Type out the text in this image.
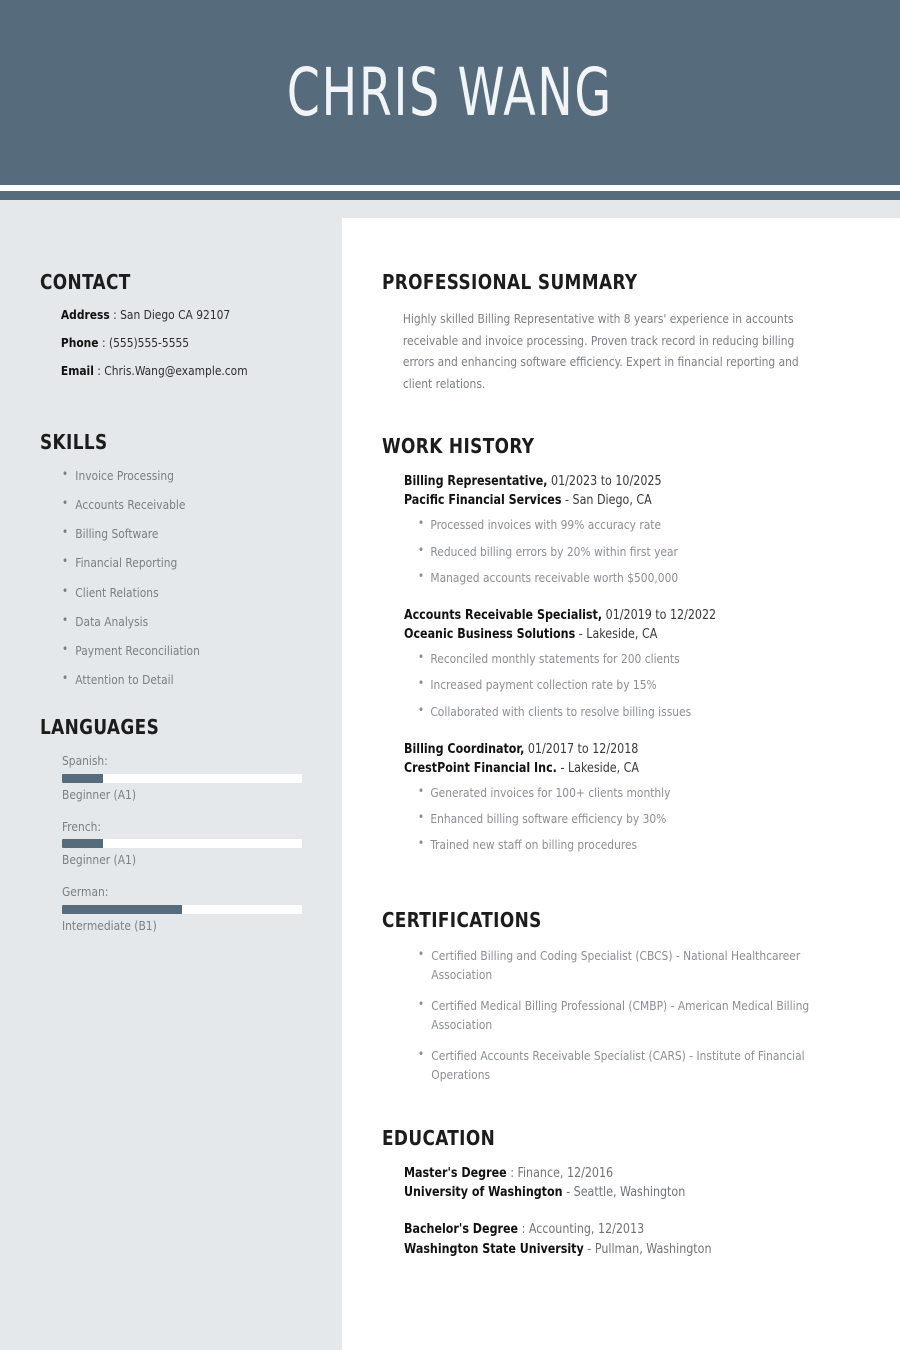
CHRIS WANG
CONTACT
Address : San Diego CA 92107
Phone : (555)555-5555
Email : Chris.Wang@example.com
SKILLS
• Invoice Processing
• Accounts Receivable
• Billing Software
• Financial Reporting
• Client Relations
• Data Analysis
• Payment Reconciliation
• Attention to Detail
LANGUAGES
Spanish:
Beginner (A1)
French:
Beginner (A1)
German:
Intermediate (B1)
PROFESSIONAL SUMMARY
Highly skilled Billing Representative with 8 years' experience in accounts receivable and invoice processing. Proven track record in reducing billing errors and enhancing software efficiency. Expert in financial reporting and client relations.
WORK HISTORY
Billing Representative, 01/2023 to 10/2025
Pacific Financial Services - San Diego, CA
• Processed invoices with 99% accuracy rate
• Reduced billing errors by 20% within first year
• Managed accounts receivable worth $500,000
Accounts Receivable Specialist, 01/2019 to 12/2022
Oceanic Business Solutions - Lakeside, CA
• Reconciled monthly statements for 200 clients
• Increased payment collection rate by 15%
• Collaborated with clients to resolve billing issues
Billing Coordinator, 01/2017 to 12/2018
CrestPoint Financial Inc. - Lakeside, CA
• Generated invoices for 100+ clients monthly
• Enhanced billing software efficiency by 30%
• Trained new staff on billing procedures
CERTIFICATIONS
• Certified Billing and Coding Specialist (CBCS) - National Healthcareer Association
• Certified Medical Billing Professional (CMBP) - American Medical Billing Association
• Certified Accounts Receivable Specialist (CARS) - Institute of Financial Operations
EDUCATION
Master's Degree : Finance, 12/2016
University of Washington - Seattle, Washington
Bachelor's Degree : Accounting, 12/2013
Washington State University - Pullman, Washington
